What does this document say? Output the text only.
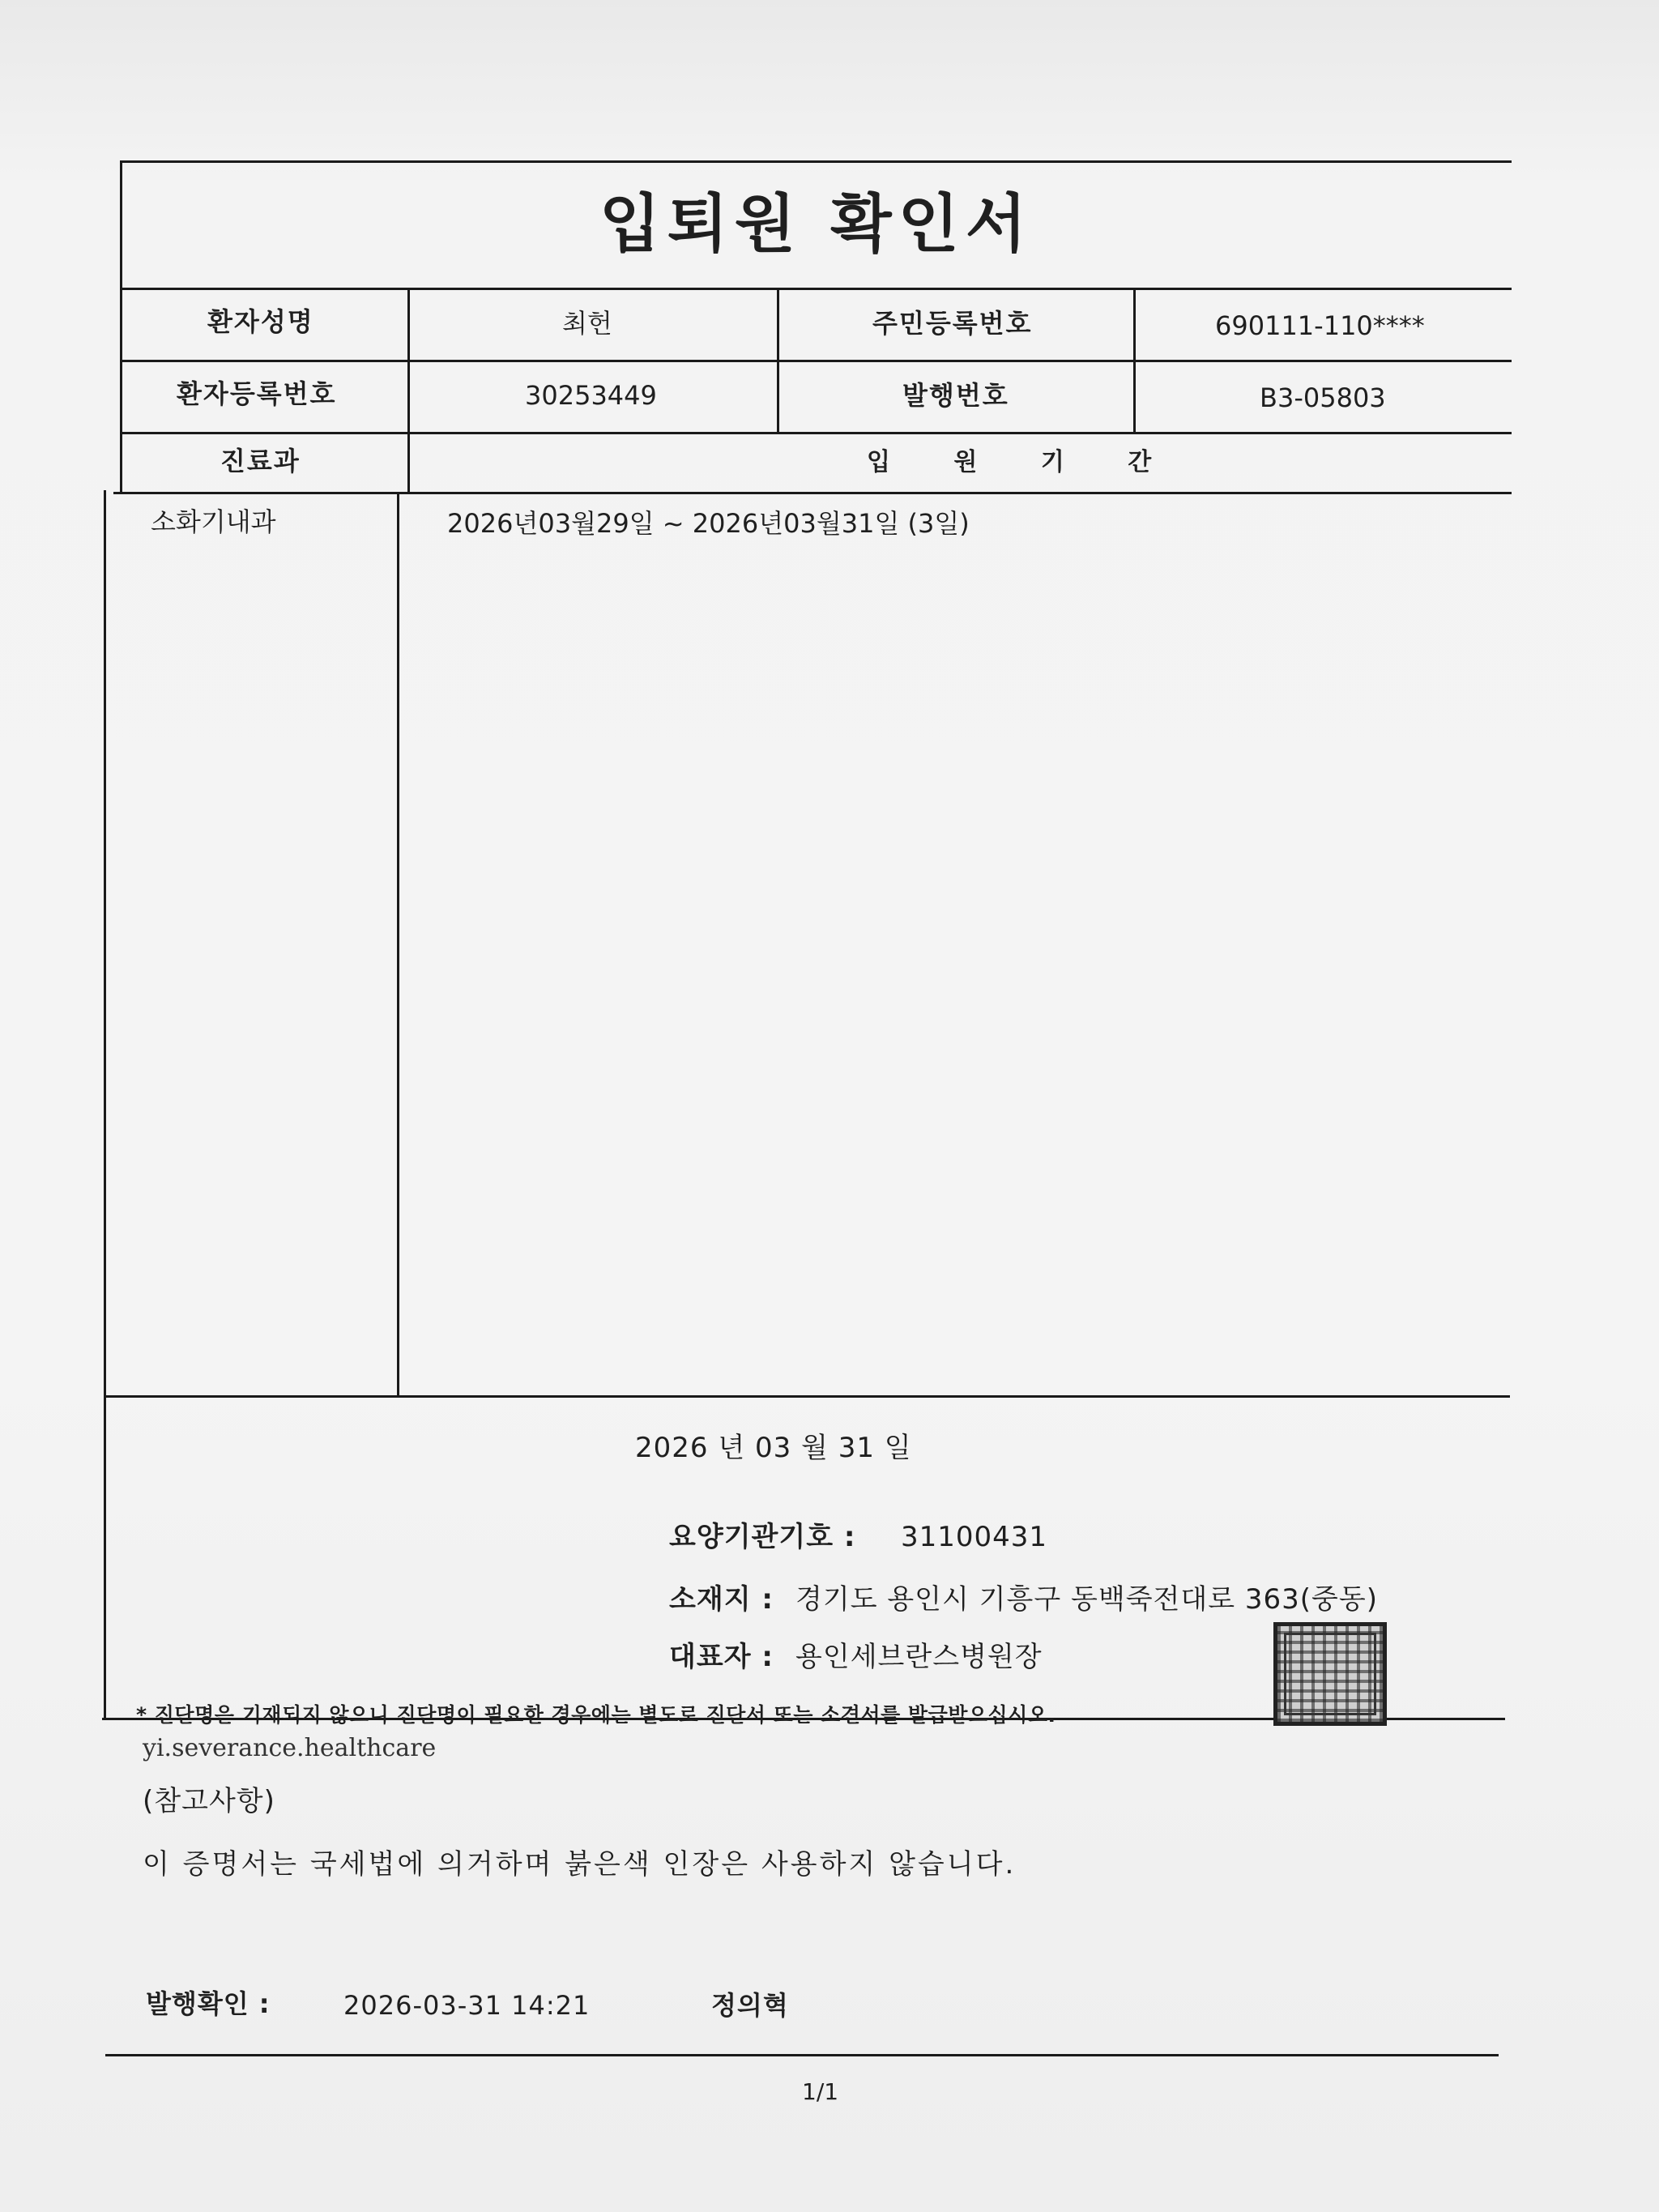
입퇴원 확인서
환자성명	최헌	주민등록번호	690111-110****
환자등록번호	30253449	발행번호	B3-05803
진료과	입 원 기 간
소화기내과	2026년03월29일 ~ 2026년03월31일 (3일)
2026 년 03 월 31 일
요양기관기호 : 31100431
소재지 : 경기도 용인시 기흥구 동백죽전대로 363(중동)
대표자 : 용인세브란스병원장
* 진단명은 기재되지 않으니 진단명이 필요한 경우에는 별도로 진단서 또는 소견서를 발급받으십시오.
yi.severance.healthcare
(참고사항)
이 증명서는 국세법에 의거하며 붉은색 인장은 사용하지 않습니다.
발행확인 :	2026-03-31 14:21	정의혁
1/1
